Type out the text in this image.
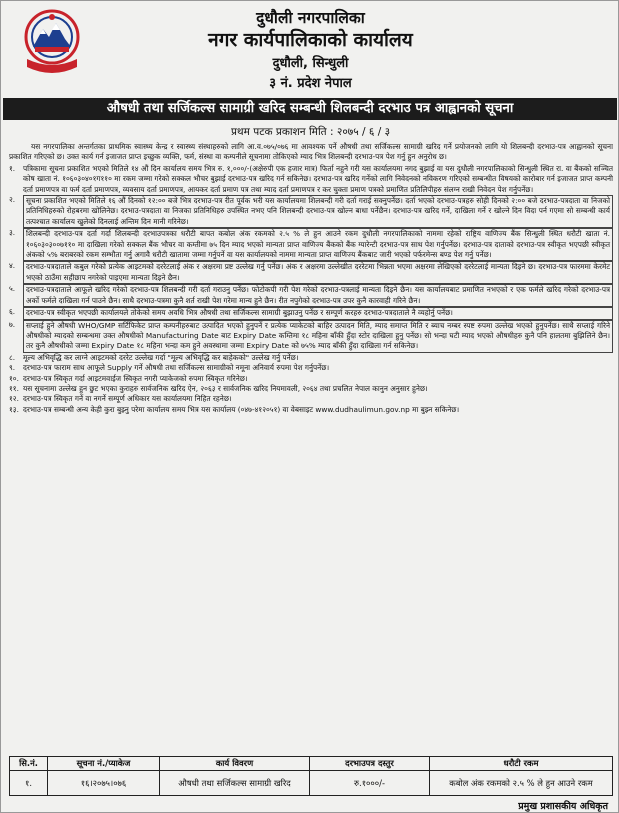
दुधौली नगरपालिका
नगर कार्यपालिकाको कार्यालय
दुधौली, सिन्धुली
३ नं. प्रदेश नेपाल
औषधी तथा सर्जिकल्स सामाग्री खरिद सम्बन्धी शिलबन्दी दरभाउ पत्र आह्वानको सूचना
प्रथम पटक प्रकाशन मिति : २०७५ / ६ / ३

यस नगरपालिका अन्तर्गतका प्राथमिक स्वास्थ्य केन्द्र र स्वास्थ्य संस्थाहरुको लागि आ.व.०७५/०७६ मा आवश्यक पर्ने औषधी तथा सर्जिकल्स सामाग्री खरिद गर्ने प्रयोजनको लागि यो शिलबन्दी दरभाउ-पत्र आह्वानको सूचना प्रकाशित गरिएको छ। उक्त कार्य गर्न इजाजत प्राप्त इच्छुक व्यक्ति, फर्म, संस्था वा कम्पनीले सूचनामा तोकिएको म्याद भित्र शिलबन्दी दरभाउ-पत्र पेश गर्नु हुन अनुरोध छ।

१.	पत्रिकामा सूचना प्रकाशित भएको मितिले १४ औं दिन कार्यालय समय भित्र रु. १,०००/-(अक्षेरुपी एक हजार मात्र) फिर्ता नहुने गरी यस कार्यालयमा नगद बुझाई वा यस दुधौली नगरपालिकाको सिन्धुली स्थित रा. वा बैंकको सञ्चित कोष खाता नं. १०६०३०४०१ग११० मा रकम जम्मा गरेको सक्कल भौचर बुझाई दरभाउ-पत्र खरिद गर्न सकिनेछ। दरभाउ-पत्र खरिद गर्नेको लागि निवेदनको नविकरण गरिएको सम्बन्धीत विषयको कारोबार गर्न इजाजत प्राप्त कम्पनी दर्ता प्रमाणपत्र वा फर्म दर्ता प्रमाणपत्र, व्यवसाय दर्ता प्रमाणपत्र, आयकर दर्ता प्रमाण पत्र तथा म्याद दर्ता प्रमाणपत्र र कर चुक्ता प्रमाण पत्रको प्रमाणित प्रतिलिपीहरु संलग्न राखी निवेदन पेश गर्नुपर्नेछ।
२.	सूचना प्रकाशित भएको मितिले १६ औं दिनको १२:०० बजे भित्र दरभाउ-पत्र रीत पूर्वक भरी यस कार्यालयमा शिलबन्दी गरी दर्ता गराई सक्नुपर्नेछ। दर्ता भएको दरभाउ-पत्रहरु सोही दिनको २:०० बजे दरभाउ-पत्रदाता वा निजको प्रतिनिधिहरुको रोहबरमा खोलिनेछ। दरभाउ-पत्रदाता वा निजका प्रतिनिधिहरु उपस्थित नभए पनि शिलबन्दी दरभाउ-पत्र खोल्न बाधा पर्नेछैन। दरभाउ-पत्र खरिद गर्ने, दाखिला गर्ने र खोल्ने दिन विदा पर्न गएमा सो सम्बन्धी कार्य तत्पश्चात कार्यालय खुलेको दिनलाई अन्तिम दिन मानी गरिनेछ।
३.	शिलबन्दी दरभाउ-पत्र दर्ता गर्दा शिलबन्दी दरभाउपत्रका धरौटी बापत कबोल अंक रकमको २.५ % ले हुन आउने रकम दुधौली नगरपालिकाको नाममा रहेको राष्ट्रिय वाणिज्य बैंक सिन्धुली स्थित धरौटी खाता नं. १०६०३०३००७११० मा दाखिला गरेको सक्कल बैंक भौचर वा कम्तीमा ७५ दिन म्याद भएको मान्यता प्राप्त वाणिज्य बैंकको बैंक ग्यारेन्टी दरभाउ-पत्र साथ पेश गर्नुपर्नेछ। दरभाउ-पत्र दाताको दरभाउ-पत्र स्वीकृत भएपछी स्वीकृत अंकको ५% बराबरको रकम सम्भौता गर्नु अगावै धरौटी खातामा जम्मा गर्नुपर्ने वा यस कार्यालयको नाममा मान्यता प्राप्त वाणिज्य बैंकबाट जारी भएको पर्फरमेन्स बण्ड पेश गर्नु पर्नेछ।
४.	दरभाउ-पत्रदाताले कबुल गरेको प्रत्येक आइटमको दररेटलाई अंक र अक्षरमा प्रष्ट उल्लेख गर्नु पर्नेछ। अंक र अक्षरमा उल्लेखीत दररेटमा भिन्नता भएमा अक्षरमा लेखिएको दररेटलाई मान्यता दिइने छ। दरभाउ-पत्र फारममा केरमेट भएको ठाउँमा सहीछाप नगरेको पाइएमा मान्यता दिइने छैन।
५.	दरभाउ-पत्रदाताले आफूले खरिद गरेको दरभाउ-पत्र शिलबन्दी गरी दर्ता गराउनु पर्नेछ। फोटोकपी गरी पेश गरेको दरभाउ-पत्रलाई मान्यता दिइने छैन। यस कार्यालयबाट प्रमाणित नभएको र एक फर्मले खरिद गरेको दरभाउ-पत्र अर्को फर्मले दाखिला गर्न पाउने छैन। साथै दरभाउ-पत्रमा कुनै शर्त राखी पेश गरेमा मान्य हुने छैन। रीत नपुगेको दरभाउ-पत्र उपर कुनै कारवाही गरिने छैन।
६.	दरभाउ-पत्र स्वीकृत भएपछी कार्यालयले तोकेको समय अवधि भित्र औषधी तथा सर्जिकल्स सामाग्री बुझाउनु पर्नेछ र सम्पूर्ण करहरु दरभाउ-पत्रदाताले नै व्यहोर्नु पर्नेछ।
७.	सप्लाई हुने औषधी WHO/GMP सर्टिफिकेट प्राप्त कम्पनीहरुबाट उत्पादित भएको हुनुपर्ने र प्रत्येक प्याकेटको बाहिर उत्पादन मिति, म्याद समाप्त मिति र ब्याच नम्बर स्पष्ट रुपमा उल्लेख भएको हुनुपर्नेछ। साथै सप्लाई गरिने औषधीको म्यादको सम्बन्धमा उक्त औषधीको Manufacturing Date बाट Expiry Date कम्तिमा १८ महिना बाँकी हुँदा स्टोर दाखिला हुनु पर्नेछ। सो भन्दा घटी म्याद भएको औषधीहरु कुनै पनि हालतमा बुझिलिने छैन। तर कुनै औषधीको जम्मा Expiry Date १८ महिना भन्दा कम हुने अवस्थामा जम्मा Expiry Date को ७५% म्याद बाँकी हुँदा दाखिला गर्न सकिनेछ।
८.	मूल्य अभिवृद्धि कर लाग्ने आइटमको दररेट उल्लेख गर्दा "मूल्य अभिवृद्धि कर बाहेकको" उल्लेख गर्नु पर्नेछ।
९.	दरभाउ-पत्र फाराम साथ आफूले Supply गर्ने औषधी तथा सर्जिकल्स सामाग्रीको नमूना अनिवार्य रुपमा पेश गर्नुपर्नेछ।
१०. दरभाउ-पत्र स्विकृत गर्दा आइटमवाईज स्विकृत नगरी प्याकेजको रुपमा स्विकृत गरिनेछ।
११. यस सूचनामा उल्लेख हुन छुट भएका कुराहरु सार्वजनिक खरिद ऐन, २०६३ र सार्वजनिक खरिद नियमावली, २०६४ तथा प्रचलित नेपाल कानुन अनुसार हुनेछ।
१२. दरभाउ-पत्र स्विकृत गर्ने वा नगर्ने सम्पूर्ण अधिकार यस कार्यालयमा निहित रहनेछ।
१३. दरभाउ-पत्र सम्बन्धी अन्य केही कुरा बुझ्नु परेमा कार्यालय समय भित्र यस कार्यालय (०४७-४१२०५१) वा वेबसाइट www.dudhaulimun.gov.np मा बुझ्न सकिनेछ।
सि.नं.	सूचना नं./प्याकेज	कार्य विवरण	दरभाउपत्र दस्तुर	धरौटी रकम
१.	१६।२०७५।०७६	औषधी तथा सर्जिकल्स सामाग्री खरिद	रु.१०००/-	कबोल अंक रकमको २.५ % ले हुन आउने रकम
प्रमुख प्रशासकीय अधिकृत
